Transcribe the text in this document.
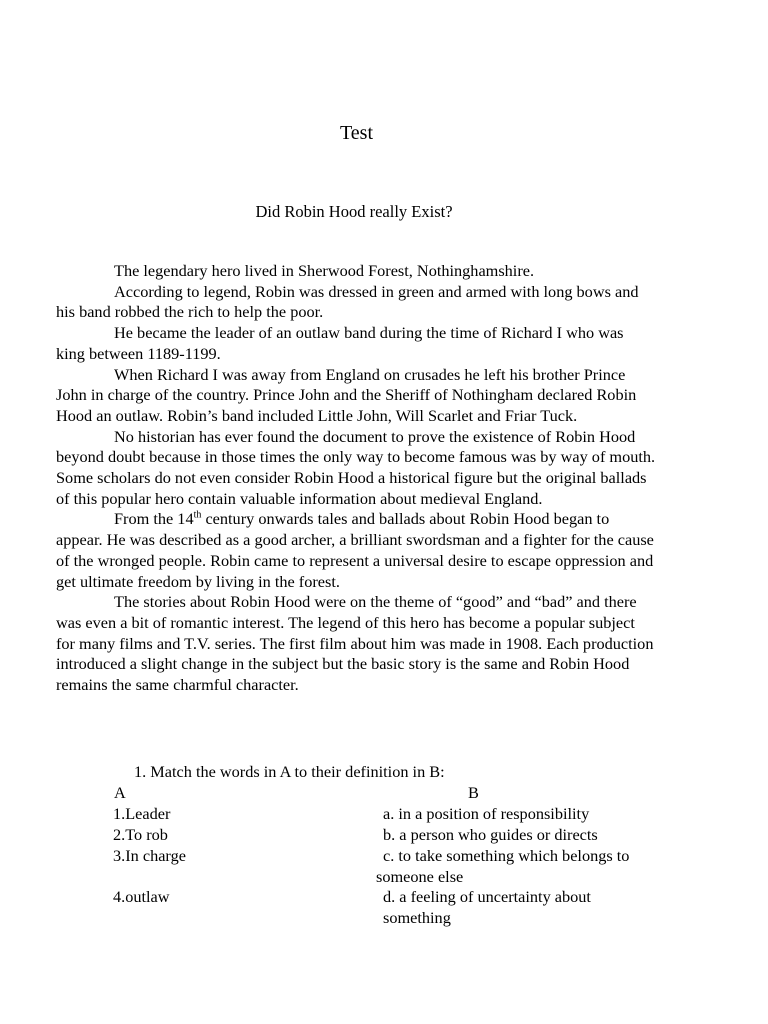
Test
Did Robin Hood really Exist?

The legendary hero lived in Sherwood Forest, Nothinghamshire.

According to legend, Robin was dressed in green and armed with long bows and his band robbed the rich to help the poor.

He became the leader of an outlaw band during the time of Richard I who was king between 1189-1199.

When Richard I was away from England on crusades he left his brother Prince John in charge of the country. Prince John and the Sheriff of Nothingham declared Robin Hood an outlaw. Robin’s band included Little John, Will Scarlet and Friar Tuck.

No historian has ever found the document to prove the existence of Robin Hood beyond doubt because in those times the only way to become famous was by way of mouth. Some scholars do not even consider Robin Hood a historical figure but the original ballads of this popular hero contain valuable information about medieval England.

From the 14th century onwards tales and ballads about Robin Hood began to appear. He was described as a good archer, a brilliant swordsman and a fighter for the cause of the wronged people. Robin came to represent a universal desire to escape oppression and get ultimate freedom by living in the forest.

The stories about Robin Hood were on the theme of “good” and “bad” and there was even a bit of romantic interest. The legend of this hero has become a popular subject for many films and T.V. series. The first film about him was made in 1908. Each production introduced a slight change in the subject but the basic story is the same and Robin Hood remains the same charmful character.

1. Match the words in A to their definition in B:
A	B
1.Leader	a. in a position of responsibility
2.To rob	b. a person who guides or directs
3.In charge	c. to take something which belongs to someone else
4.outlaw	d. a feeling of uncertainty about something
